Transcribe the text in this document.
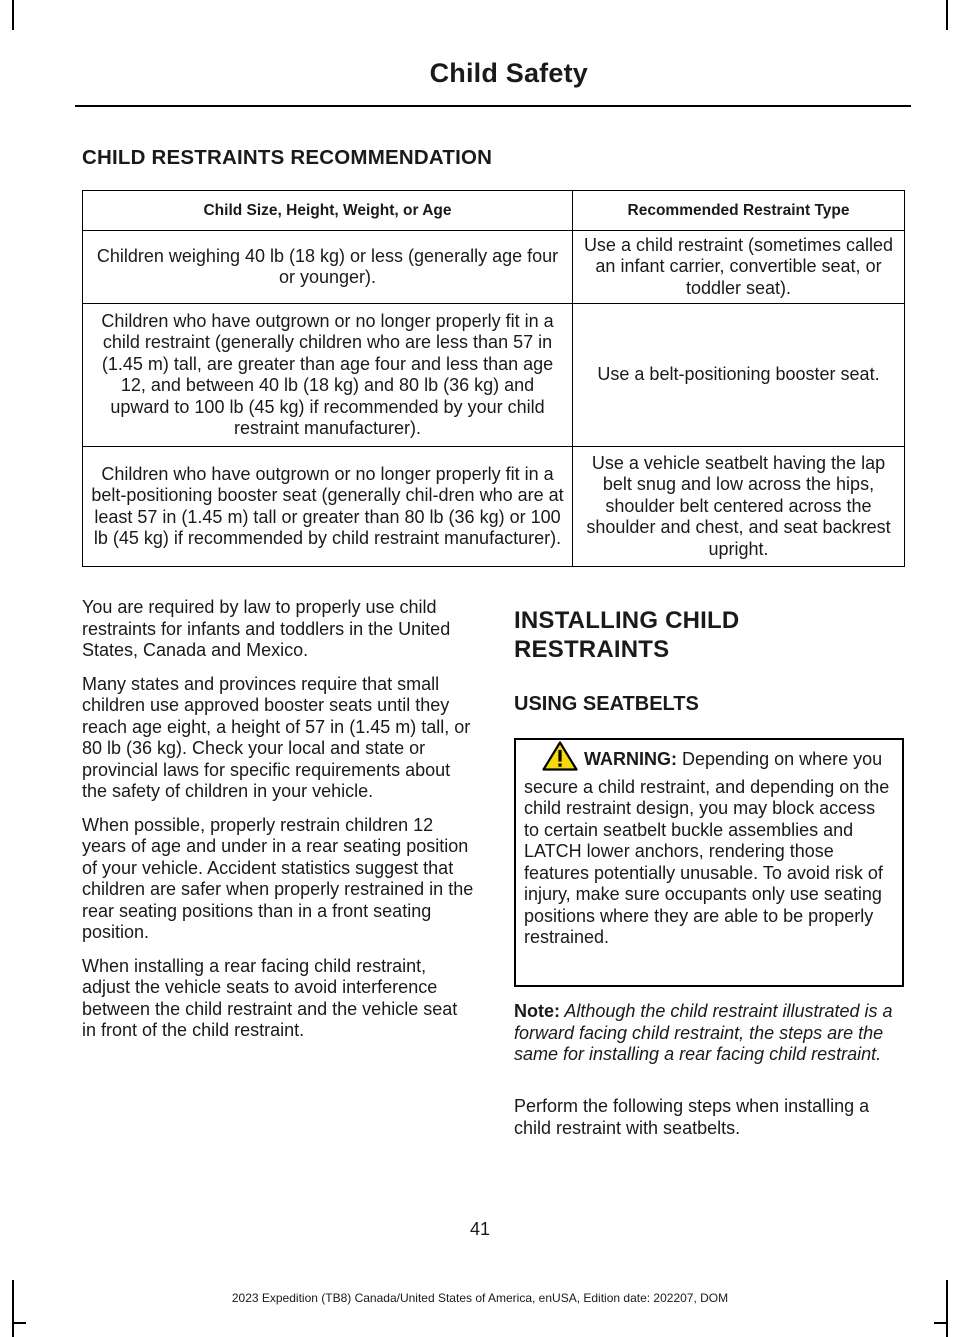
Child Safety
CHILD RESTRAINTS RECOMMENDATION
Child Size, Height, Weight, or Age	Recommended Restraint Type
Children weighing 40 lb (18 kg) or less (generally age four or younger).	Use a child restraint (sometimes called an infant carrier, convertible seat, or toddler seat).
Children who have outgrown or no longer properly fit in a child restraint (generally children who are less than 57 in (1.45 m) tall, are greater than age four and less than age 12, and between 40 lb (18 kg) and 80 lb (36 kg) and upward to 100 lb (45 kg) if recommended by your child restraint manufacturer).	Use a belt-positioning booster seat.
Children who have outgrown or no longer properly fit in a belt-positioning booster seat (generally chil-dren who are at least 57 in (1.45 m) tall or greater than 80 lb (36 kg) or 100 lb (45 kg) if recommended by child restraint manufacturer).	Use a vehicle seatbelt having the lap belt snug and low across the hips, shoulder belt centered across the shoulder and chest, and seat backrest upright.

You are required by law to properly use child restraints for infants and toddlers in the United States, Canada and Mexico.

Many states and provinces require that small children use approved booster seats until they reach age eight, a height of 57 in (1.45 m) tall, or 80 lb (36 kg). Check your local and state or provincial laws for specific requirements about the safety of children in your vehicle.

When possible, properly restrain children 12 years of age and under in a rear seating position of your vehicle. Accident statistics suggest that children are safer when properly restrained in the rear seating positions than in a front seating position.

When installing a rear facing child restraint, adjust the vehicle seats to avoid interference between the child restraint and the vehicle seat in front of the child restraint.

INSTALLING CHILD
RESTRAINTS
USING SEATBELTS

WARNING: Depending on where you secure a child restraint, and depending on the child restraint design, you may block access to certain seatbelt buckle assemblies and LATCH lower anchors, rendering those features potentially unusable. To avoid risk of injury, make sure occupants only use seating positions where they are able to be properly restrained.

Note: Although the child restraint illustrated is a forward facing child restraint, the steps are the same for installing a rear facing child restraint.
Perform the following steps when installing a child restraint with seatbelts.
41
2023 Expedition (TB8) Canada/United States of America, enUSA, Edition date: 202207, DOM
